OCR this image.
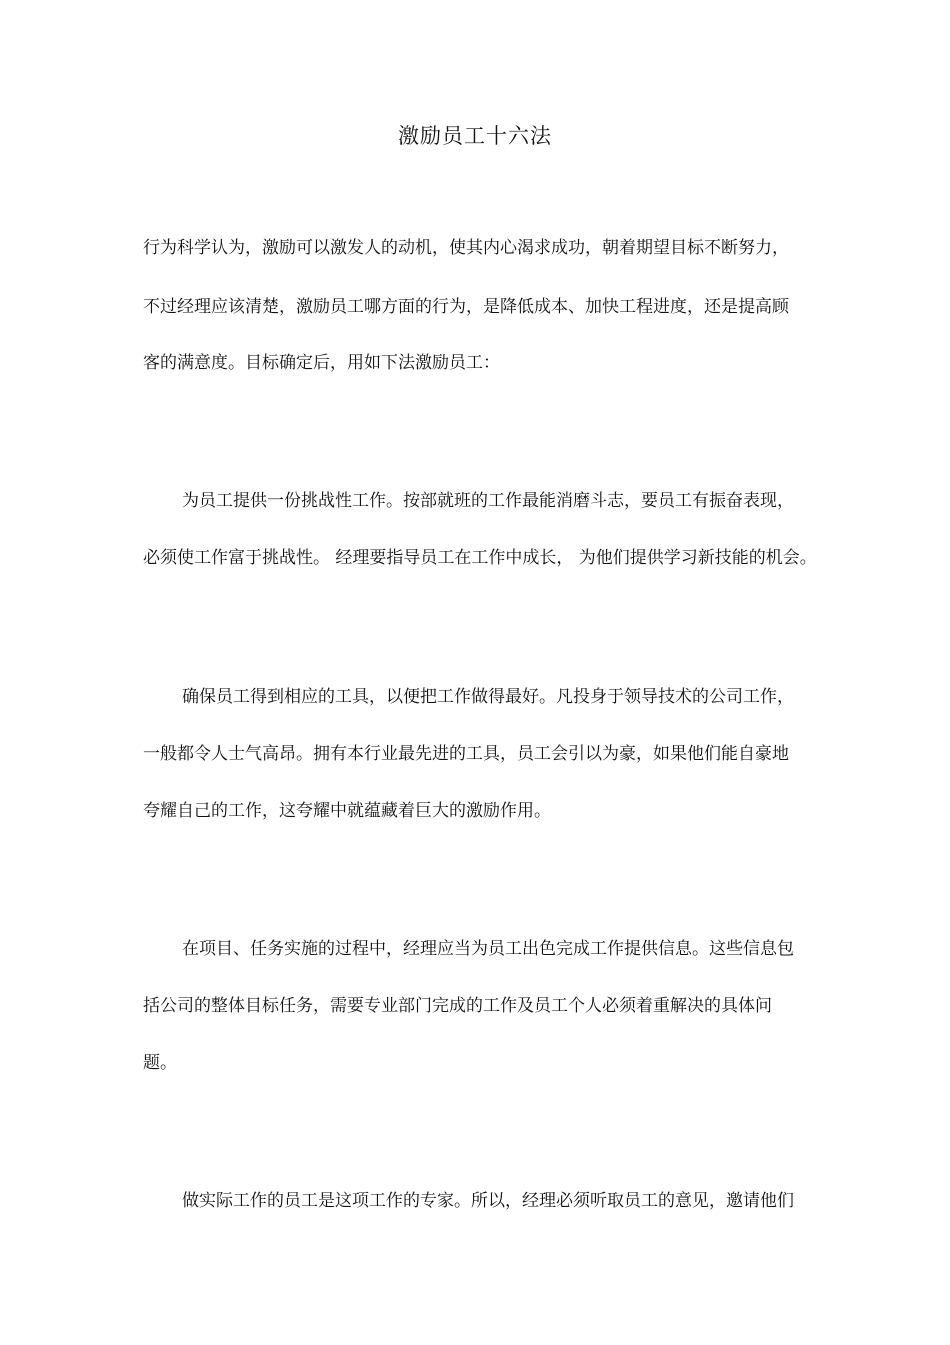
激励员工十六法
行为科学认为，激励可以激发人的动机，使其内心渴求成功，朝着期望目标不断努力，
不过经理应该清楚，激励员工哪方面的行为，是降低成本、加快工程进度，还是提高顾
客的满意度。目标确定后，用如下法激励员工：
为员工提供一份挑战性工作。按部就班的工作最能消磨斗志，要员工有振奋表现，
必须使工作富于挑战性。 经理要指导员工在工作中成长， 为他们提供学习新技能的机会。
确保员工得到相应的工具，以便把工作做得最好。凡投身于领导技术的公司工作，
一般都令人士气高昂。拥有本行业最先进的工具，员工会引以为豪，如果他们能自豪地
夸耀自己的工作，这夸耀中就蕴藏着巨大的激励作用。
在项目、任务实施的过程中，经理应当为员工出色完成工作提供信息。这些信息包
括公司的整体目标任务，需要专业部门完成的工作及员工个人必须着重解决的具体问
题。
做实际工作的员工是这项工作的专家。所以，经理必须听取员工的意见，邀请他们
